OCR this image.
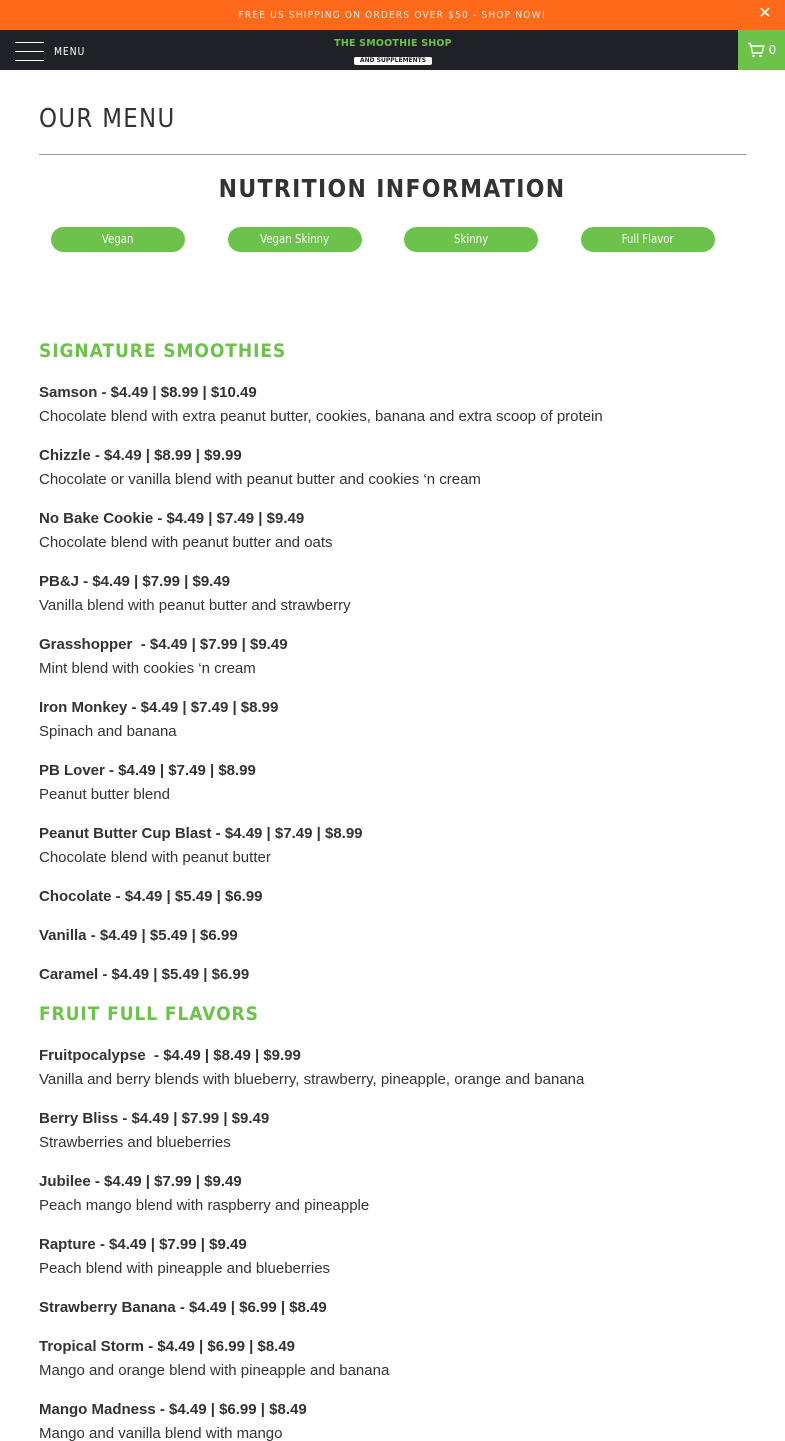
FREE US SHIPPING ON ORDERS OVER $50 - SHOP NOW!	✕
MENU
THE SMOOTHIE SHOP
AND SUPPLEMENTS
0
OUR MENU
NUTRITION INFORMATION
Vegan	Vegan Skinny	Skinny	Full Flavor
SIGNATURE SMOOTHIES
Samson - $4.49 | $8.99 | $10.49
Chocolate blend with extra peanut butter, cookies, banana and extra scoop of protein
Chizzle - $4.49 | $8.99 | $9.99
Chocolate or vanilla blend with peanut butter and cookies ‘n cream
No Bake Cookie - $4.49 | $7.49 | $9.49
Chocolate blend with peanut butter and oats
PB&J - $4.49 | $7.99 | $9.49
Vanilla blend with peanut butter and strawberry
Grasshopper  - $4.49 | $7.99 | $9.49
Mint blend with cookies ‘n cream
Iron Monkey - $4.49 | $7.49 | $8.99
Spinach and banana
PB Lover - $4.49 | $7.49 | $8.99
Peanut butter blend
Peanut Butter Cup Blast - $4.49 | $7.49 | $8.99
Chocolate blend with peanut butter
Chocolate - $4.49 | $5.49 | $6.99
Vanilla - $4.49 | $5.49 | $6.99
Caramel - $4.49 | $5.49 | $6.99
FRUIT FULL FLAVORS
Fruitpocalypse  - $4.49 | $8.49 | $9.99
Vanilla and berry blends with blueberry, strawberry, pineapple, orange and banana
Berry Bliss - $4.49 | $7.99 | $9.49
Strawberries and blueberries
Jubilee - $4.49 | $7.99 | $9.49
Peach mango blend with raspberry and pineapple
Rapture - $4.49 | $7.99 | $9.49
Peach blend with pineapple and blueberries
Strawberry Banana - $4.49 | $6.99 | $8.49
Tropical Storm - $4.49 | $6.99 | $8.49
Mango and orange blend with pineapple and banana
Mango Madness - $4.49 | $6.99 | $8.49
Mango and vanilla blend with mango
